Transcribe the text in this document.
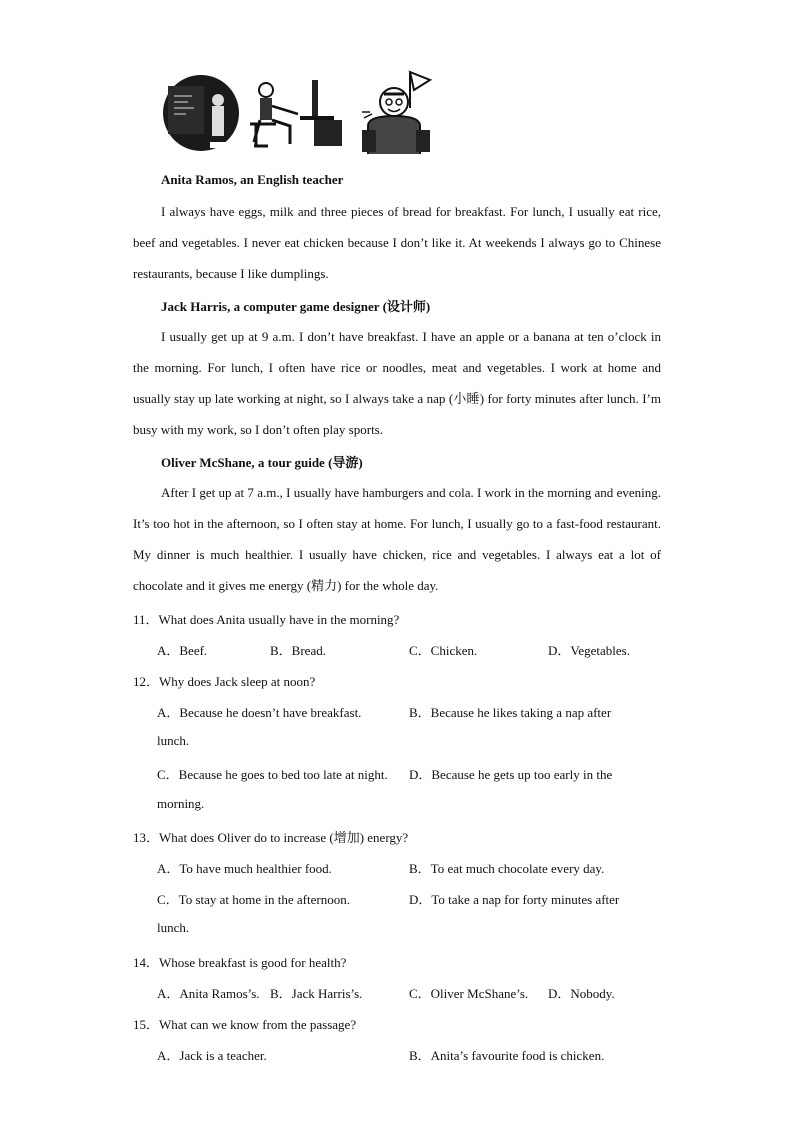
Anita Ramos, an English teacher

I always have eggs, milk and three pieces of bread for breakfast. For lunch, I usually eat rice, beef and vegetables. I never eat chicken because I don’t like it. At weekends I always go to Chinese restaurants, because I like dumplings.

Jack Harris, a computer game designer (设计师)

I usually get up at 9 a.m. I don’t have breakfast. I have an apple or a banana at ten o’clock in the morning. For lunch, I often have rice or noodles, meat and vegetables. I work at home and usually stay up late working at night, so I always take a nap (小睡) for forty minutes after lunch. I’m busy with my work, so I don’t often play sports.

Oliver McShane, a tour guide (导游)

After I get up at 7 a.m., I usually have hamburgers and cola. I work in the morning and evening. It’s too hot in the afternoon, so I often stay at home. For lunch, I usually go to a fast-food restaurant. My dinner is much healthier. I usually have chicken, rice and vegetables. I always eat a lot of chocolate and it gives me energy (精力) for the whole day.

11．What does Anita usually have in the morning?
A．Beef.	B．Bread.	C．Chicken.	D．Vegetables.
12．Why does Jack sleep at noon?
A．Because he doesn’t have breakfast.	B．Because he likes taking a nap after
lunch.
C．Because he goes to bed too late at night. D．Because he gets up too early in the
morning.
13．What does Oliver do to increase (增加) energy?
A．To have much healthier food.	B．To eat much chocolate every day.
C．To stay at home in the afternoon.	D．To take a nap for forty minutes after
lunch.
14．Whose breakfast is good for health?
A．Anita Ramos’s. B．Jack Harris’s.	C．Oliver McShane’s. D．Nobody.
15．What can we know from the passage?
A．Jack is a teacher.	B．Anita’s favourite food is chicken.
